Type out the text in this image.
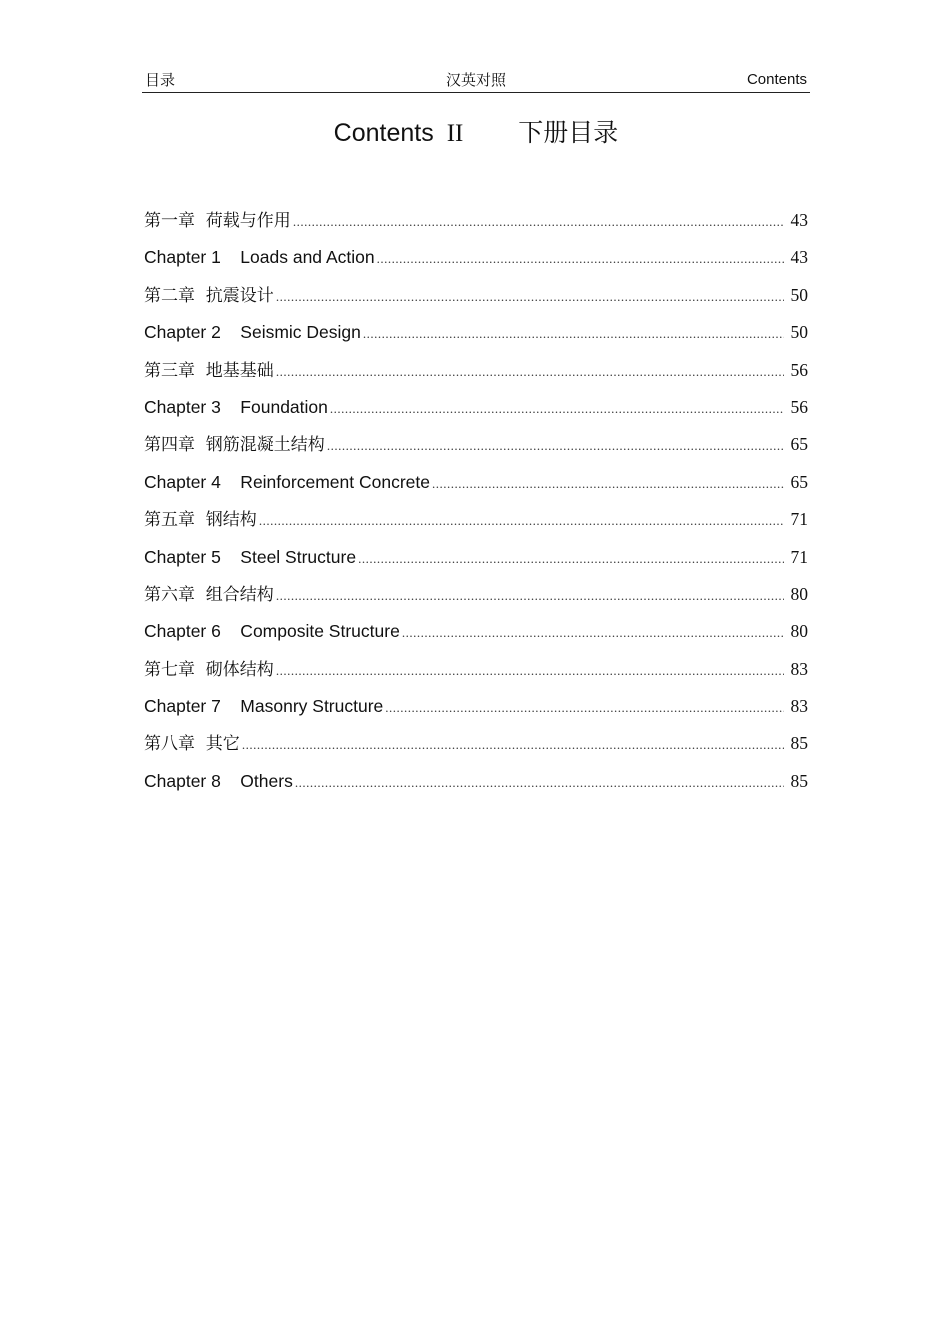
目录	汉英对照	Contents
Contents II 下册目录
第一章  荷载与作用 .....	43
Chapter 1    Loads and Action .....	43
第二章  抗震设计 .....	50
Chapter 2    Seismic Design .....	50
第三章  地基基础 .....	56
Chapter 3    Foundation .....	56
第四章  钢筋混凝土结构 .....	65
Chapter 4    Reinforcement Concrete .....	65
第五章  钢结构 .....	71
Chapter 5    Steel Structure .....	71
第六章  组合结构 .....	80
Chapter 6    Composite Structure .....	80
第七章  砌体结构 .....	83
Chapter 7    Masonry Structure .....	83
第八章  其它 .....	85
Chapter 8    Others .....	85
